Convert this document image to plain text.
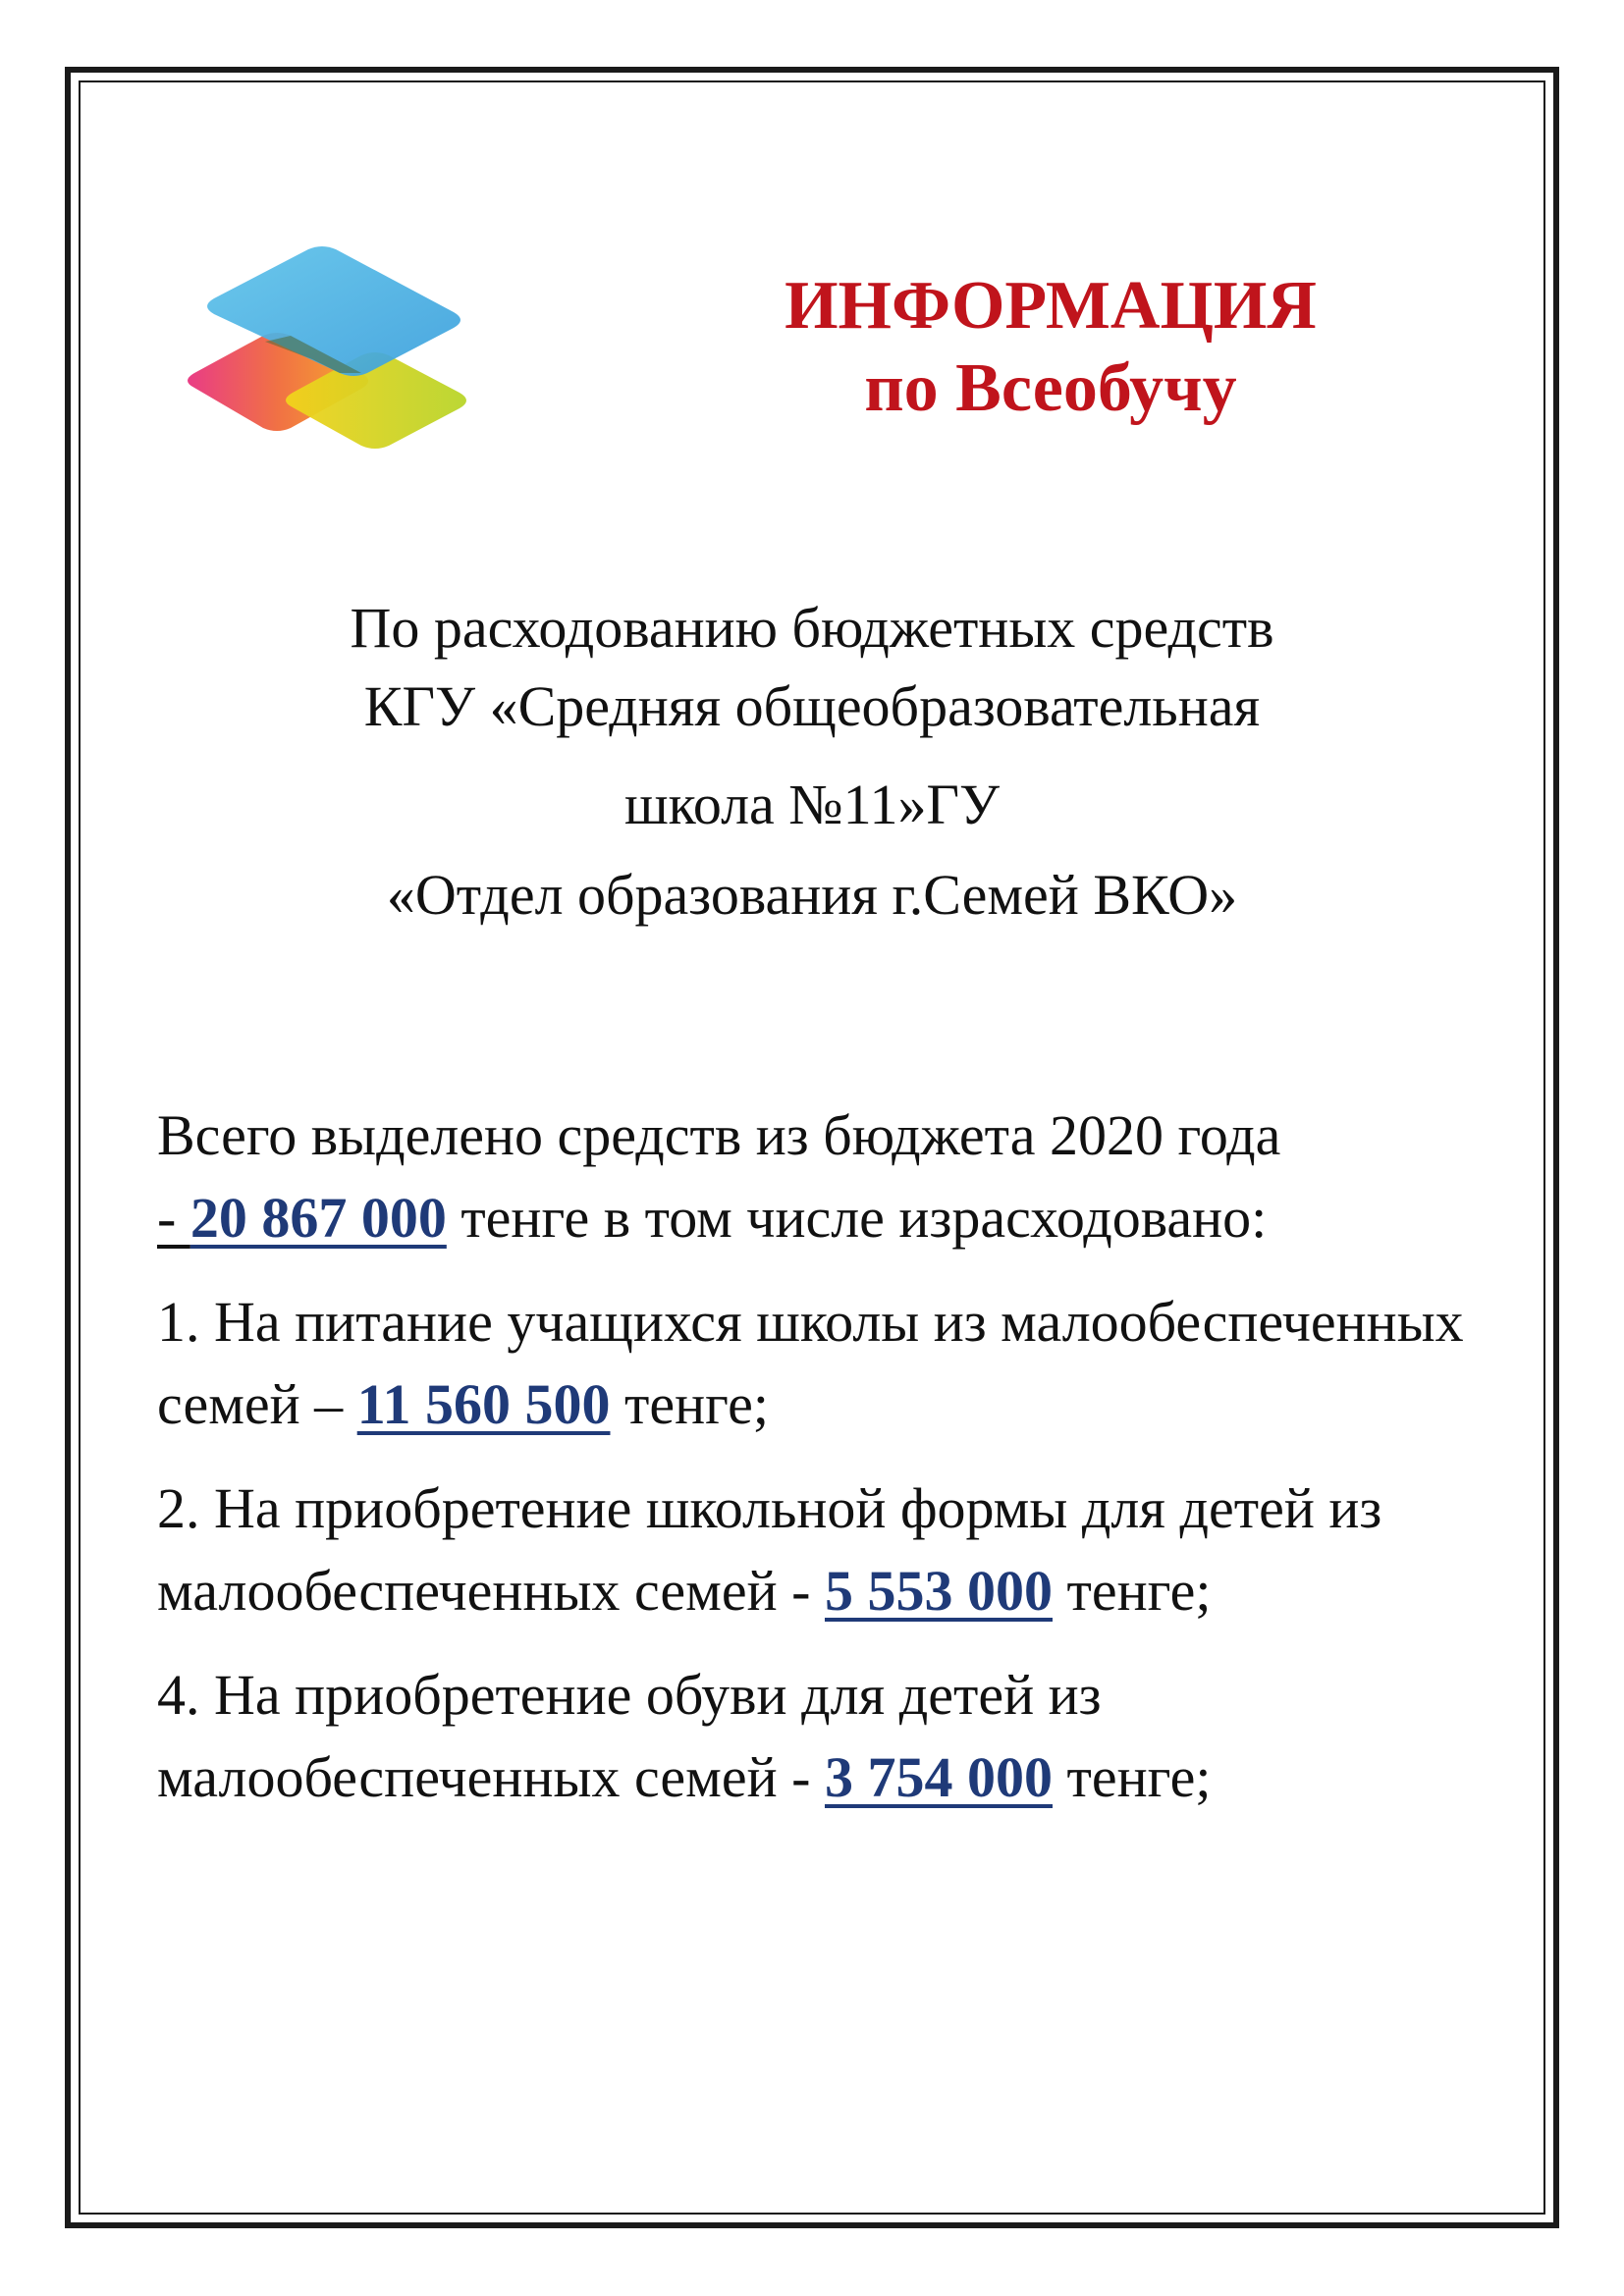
ИНФОРМАЦИЯ
по Всеобучу
По расходованию бюджетных средств
КГУ «Средняя общеобразовательная
школа №11»ГУ
«Отдел образования г.Семей ВКО»

Всего выделено средств из бюджета 2020 года
- 20 867 000 тенге в том числе израсходовано:

1. На питание учащихся школы из малообеспеченных семей – 11 560 500 тенге;

2. На приобретение школьной формы для детей из малообеспеченных семей - 5 553 000 тенге;

4. На приобретение обуви для детей из малообеспеченных семей - 3 754 000 тенге;
